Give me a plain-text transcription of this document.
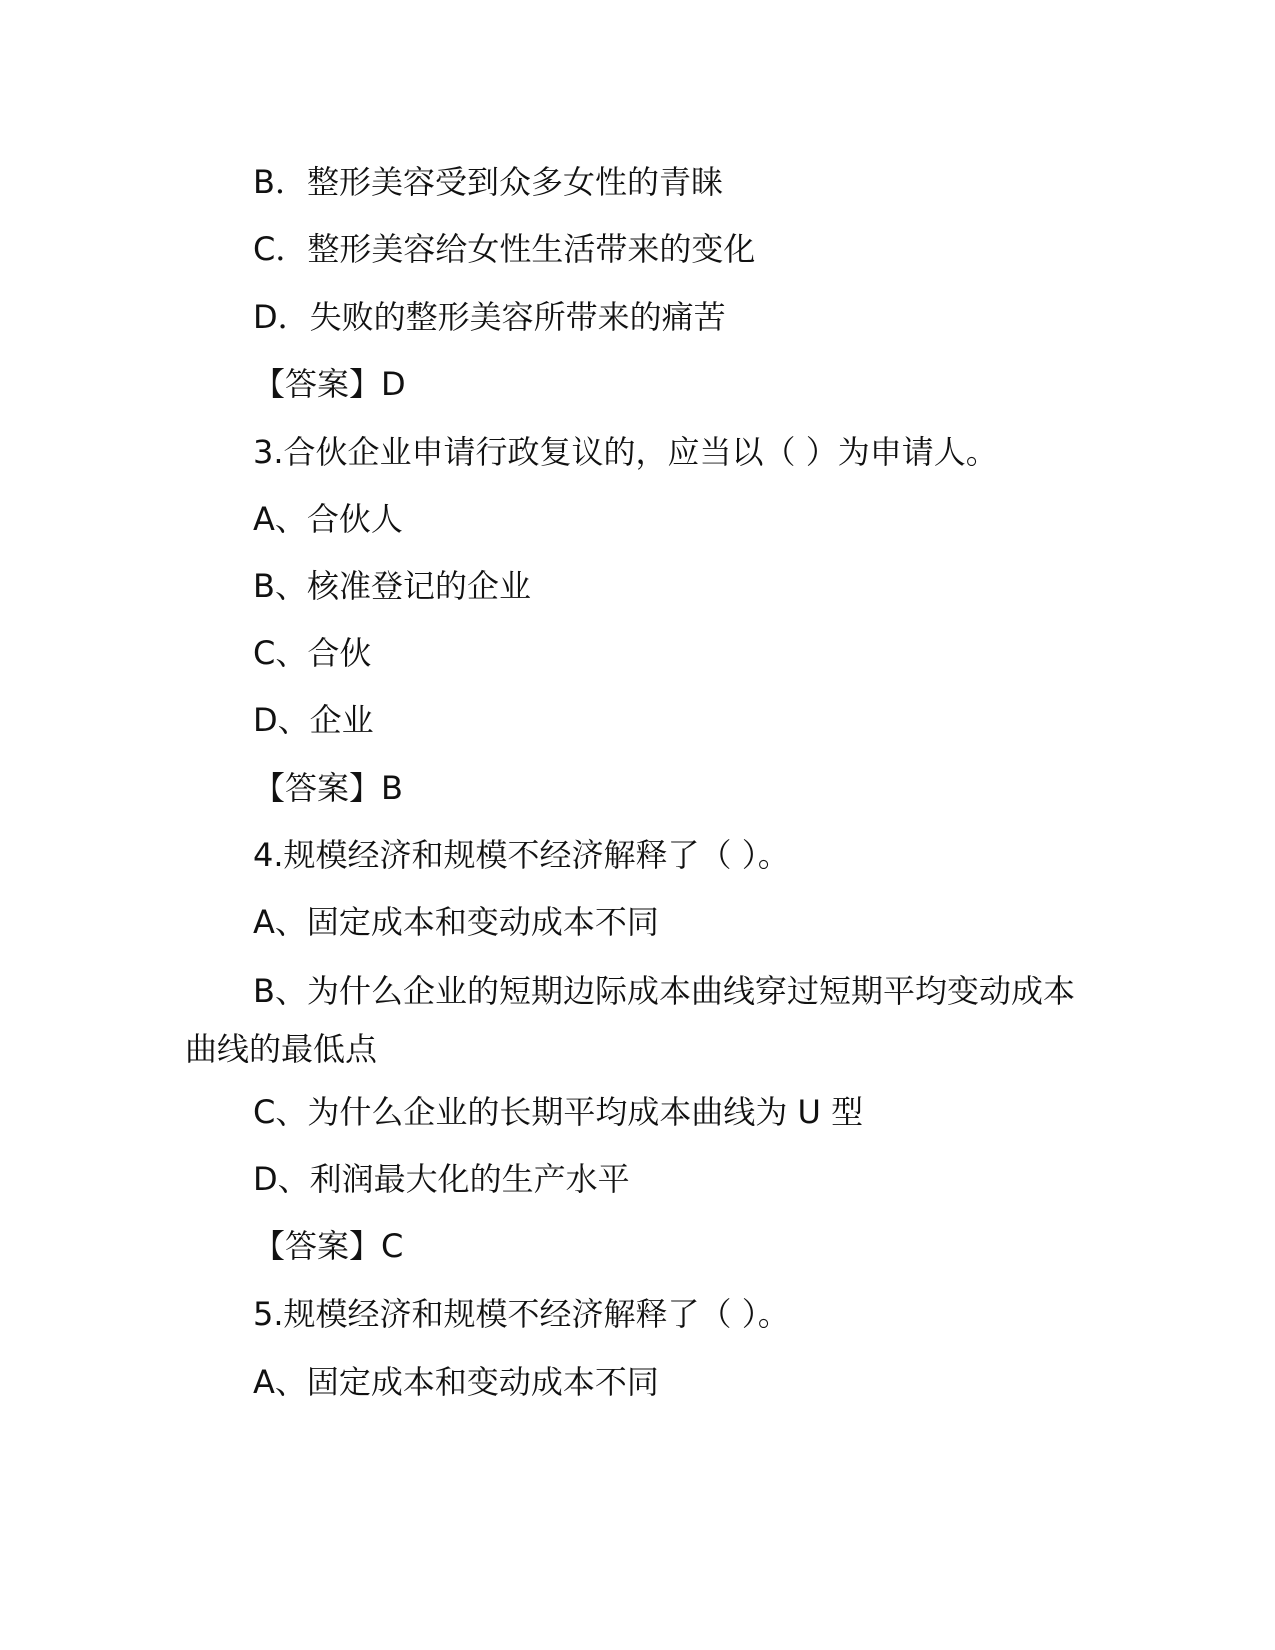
B．整形美容受到众多女性的青睐
C．整形美容给女性生活带来的变化
D．失败的整形美容所带来的痛苦
【答案】D
3.合伙企业申请行政复议的，应当以（ ）为申请人。
A、合伙人
B、核准登记的企业
C、合伙
D、企业
【答案】B
4.规模经济和规模不经济解释了（ ）。
A、固定成本和变动成本不同
B、为什么企业的短期边际成本曲线穿过短期平均变动成本曲线的最低点
C、为什么企业的长期平均成本曲线为 U 型
D、利润最大化的生产水平
【答案】C
5.规模经济和规模不经济解释了（ ）。
A、固定成本和变动成本不同
